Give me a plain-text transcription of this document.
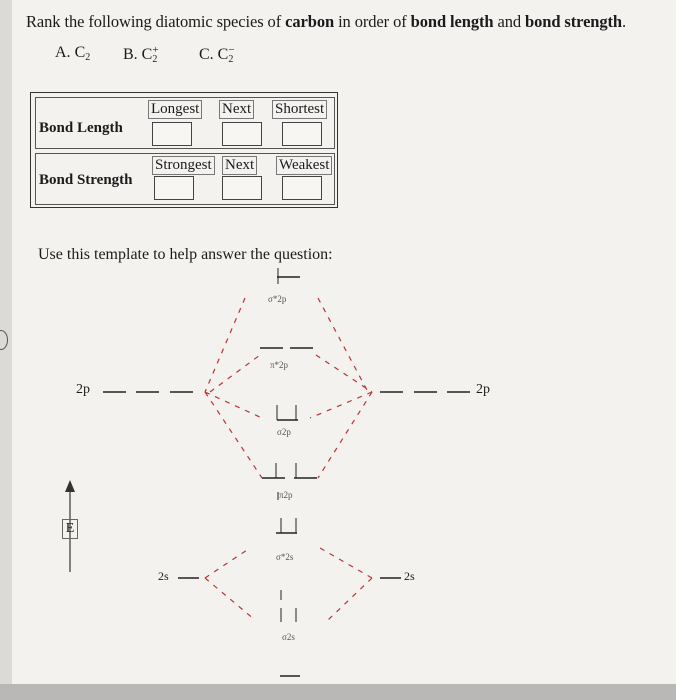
Rank the following diatomic species of carbon in order of bond length and bond strength.
A. $C_2$ B. $C_2^+$	C. $C_2^-$
Bond Length
Longest Next Shortest
Bond Strength
Strongest Next Weakest
Use this template to help answer the question:
2p	2p
2s	2s
E
σ*2p
π*2p
σ2p
π2p
σ*2s
σ2s
